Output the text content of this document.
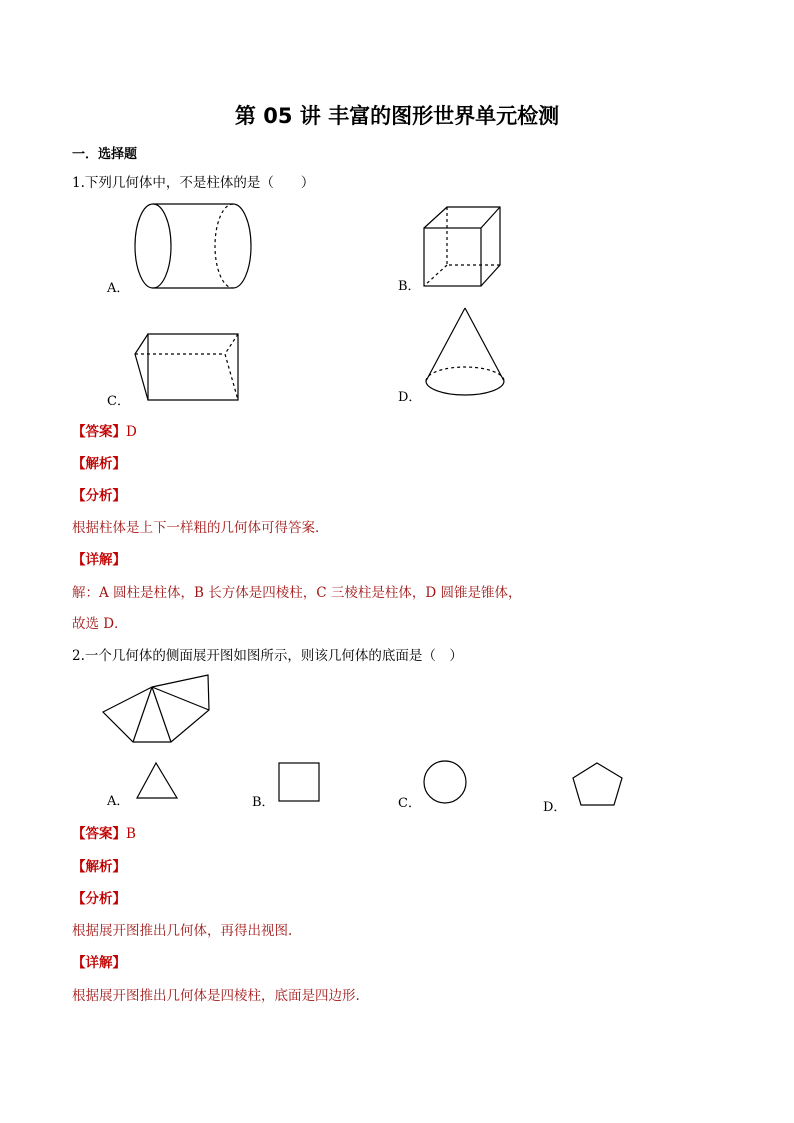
第 05 讲 丰富的图形世界单元检测
一．选择题
1.下列几何体中，不是柱体的是（　　）
A．	B．
C．	D．
【答案】D
【解析】
【分析】
根据柱体是上下一样粗的几何体可得答案．
【详解】
解：A 圆柱是柱体，B 长方体是四棱柱，C 三棱柱是柱体，D 圆锥是锥体，
故选 D．
2.一个几何体的侧面展开图如图所示，则该几何体的底面是（　）
A．	B．	C．	D．
【答案】B
【解析】
【分析】
根据展开图推出几何体，再得出视图.
【详解】
根据展开图推出几何体是四棱柱，底面是四边形.
